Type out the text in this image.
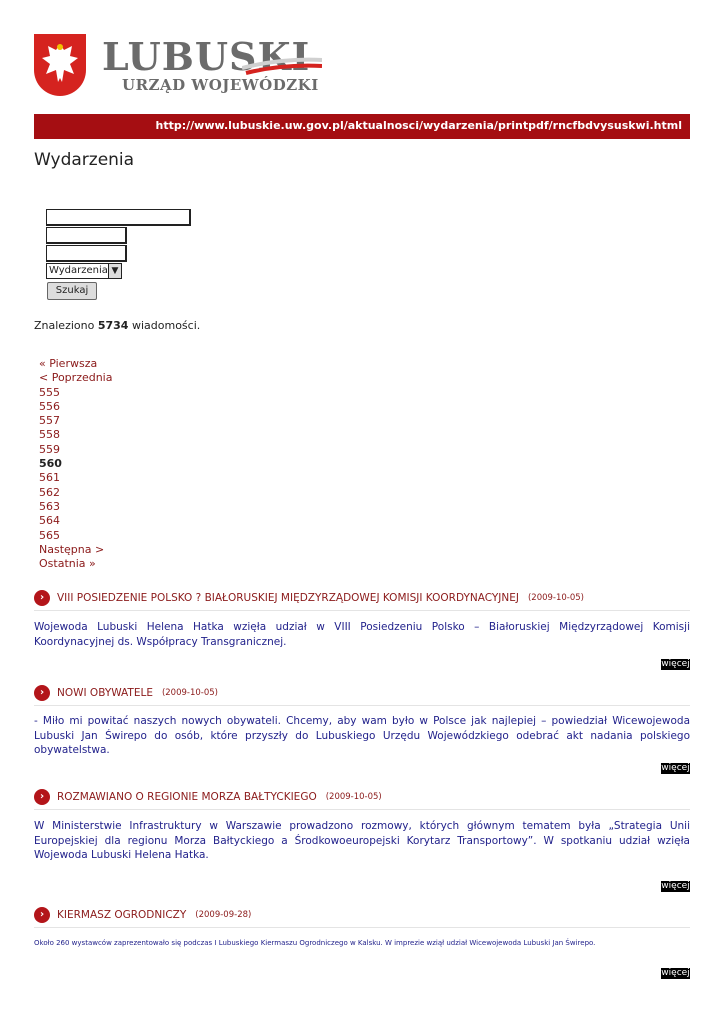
LUBUSKI
URZĄD WOJEWÓDZKI
http://www.lubuskie.uw.gov.pl/aktualnosci/wydarzenia/printpdf/rncfbdvysuskwi.html
Wydarzenia
Wydarzenia ▼
Szukaj
Znaleziono 5734 wiadomości.
« Pierwsza
< Poprzednia
555
556
557
558
559
560
561
562
563
564
565
Następna >
Ostatnia »
›	VIII POSIEDZENIE POLSKO ? BIAŁORUSKIEJ MIĘDZYRZĄDOWEJ KOMISJI KOORDYNACYJNEJ (2009-10-05)
Wojewoda Lubuski Helena Hatka wzięła udział w VIII Posiedzeniu Polsko – Białoruskiej Międzyrządowej Komisji Koordynacyjnej ds. Współpracy Transgranicznej.
więcej
›	NOWI OBYWATELE (2009-10-05)
- Miło mi powitać naszych nowych obywateli. Chcemy, aby wam było w Polsce jak najlepiej – powiedział Wicewojewoda Lubuski Jan Świrepo do osób, które przyszły do Lubuskiego Urzędu Wojewódzkiego odebrać akt nadania polskiego obywatelstwa.
więcej
›	ROZMAWIANO O REGIONIE MORZA BAŁTYCKIEGO (2009-10-05)
W Ministerstwie Infrastruktury w Warszawie prowadzono rozmowy, których głównym tematem była „Strategia Unii Europejskiej dla regionu Morza Bałtyckiego a Środkowoeuropejski Korytarz Transportowy”. W spotkaniu udział wzięła Wojewoda Lubuski Helena Hatka.
więcej
›	KIERMASZ OGRODNICZY (2009-09-28)
Około 260 wystawców zaprezentowało się podczas I Lubuskiego Kiermaszu Ogrodniczego w Kalsku. W imprezie wziął udział Wicewojewoda Lubuski Jan Świrepo.
więcej
